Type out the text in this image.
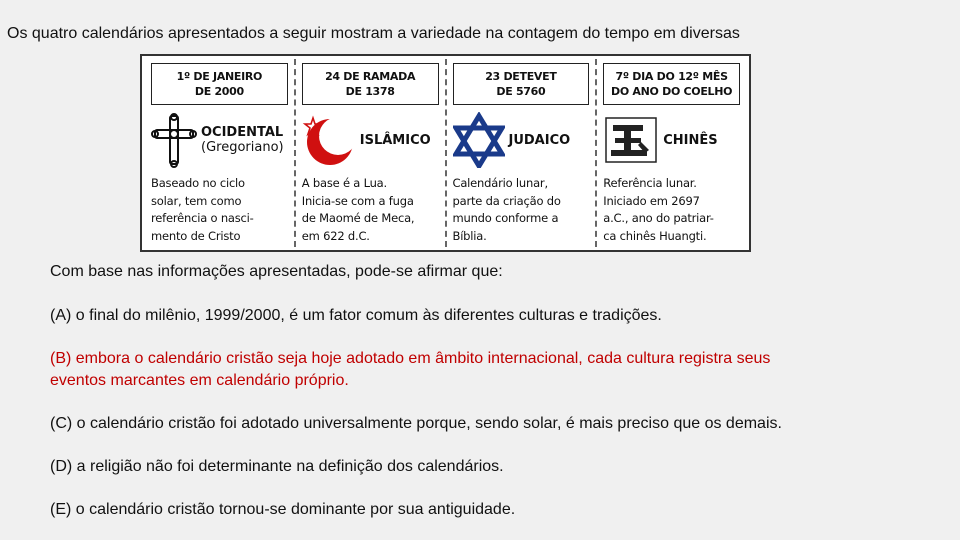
Os quatro calendários apresentados a seguir mostram a variedade na contagem do tempo em diversas
1º DE JANEIRO
DE 2000
OCIDENTAL
(Gregoriano)
Baseado no ciclo
solar, tem como
referência o nasci-
mento de Cristo
24 DE RAMADA
DE 1378
ISLÂMICO
A base é a Lua.
Inicia-se com a fuga
de Maomé de Meca,
em 622 d.C.
23 DETEVET
DE 5760
JUDAICO
Calendário lunar,
parte da criação do
mundo conforme a
Bíblia.
7º DIA DO 12º MÊS
DO ANO DO COELHO
CHINÊS
Referência lunar.
Iniciado em 2697
a.C., ano do patriar-
ca chinês Huangti.
Com base nas informações apresentadas, pode-se afirmar que:
(A) o final do milênio, 1999/2000, é um fator comum às diferentes culturas e tradições.
(B) embora o calendário cristão seja hoje adotado em âmbito internacional, cada cultura registra seus
eventos marcantes em calendário próprio.
(C) o calendário cristão foi adotado universalmente porque, sendo solar, é mais preciso que os demais.
(D) a religião não foi determinante na definição dos calendários.
(E) o calendário cristão tornou-se dominante por sua antiguidade.
